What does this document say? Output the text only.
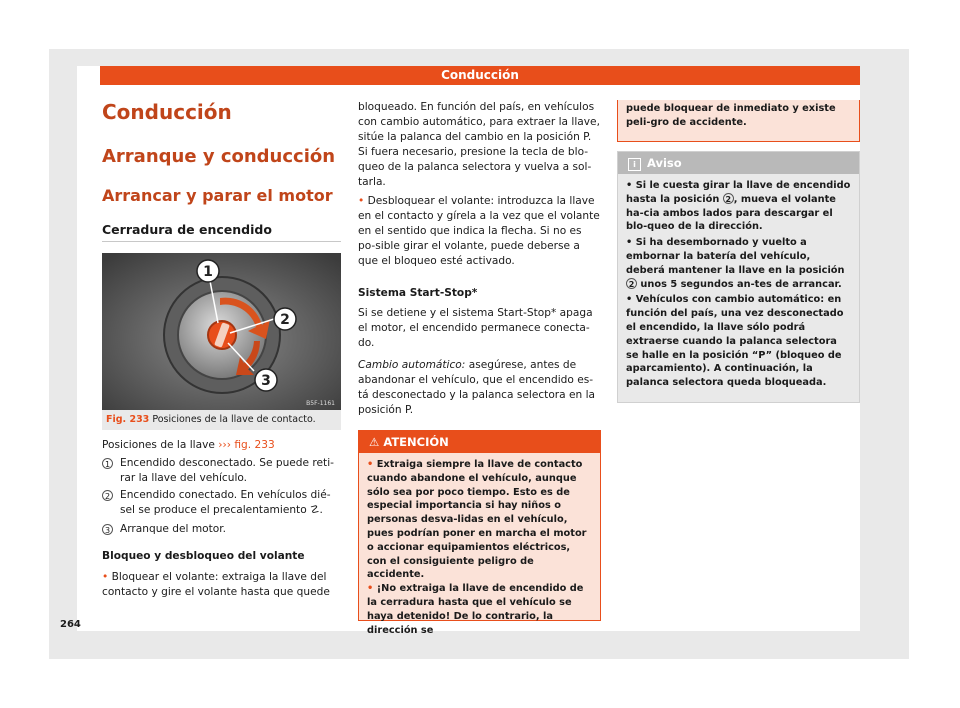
Conducción
Conducción
Arranque y conducción
Arrancar y parar el motor
Cerradura de encendido
1
2
3
B5F-1161
Fig. 233 Posiciones de la llave de contacto.
Posiciones de la llave ››› fig. 233
1 Encendido desconectado. Se puede reti-rar la llave del vehículo.
2 Encendido conectado. En vehículos dié-sel se produce el precalentamiento ☡.
3 Arranque del motor.
Bloqueo y desbloqueo del volante
• Bloquear el volante: extraiga la llave del contacto y gire el volante hasta que quede
bloqueado. En función del país, en vehículos con cambio automático, para extraer la llave, sitúe la palanca del cambio en la posición P. Si fuera necesario, presione la tecla de blo-queo de la palanca selectora y vuelva a sol-tarla.
• Desbloquear el volante: introduzca la llave en el contacto y gírela a la vez que el volante en el sentido que indica la flecha. Si no es po-sible girar el volante, puede deberse a que el bloqueo esté activado.
Sistema Start-Stop*
Si se detiene y el sistema Start-Stop* apaga el motor, el encendido permanece conecta-do.
Cambio automático: asegúrese, antes de abandonar el vehículo, que el encendido es-tá desconectado y la palanca selectora en la posición P.
⚠ ATENCIÓN
• Extraiga siempre la llave de contacto cuando abandone el vehículo, aunque sólo sea por poco tiempo. Esto es de especial importancia si hay niños o personas desva-lidas en el vehículo, pues podrían poner en marcha el motor o accionar equipamientos eléctricos, con el consiguiente peligro de accidente.
• ¡No extraiga la llave de encendido de la cerradura hasta que el vehículo se haya detenido! De lo contrario, la dirección se
puede bloquear de inmediato y existe peli-gro de accidente.
i Aviso
• Si le cuesta girar la llave de encendido hasta la posición 2 , mueva el volante ha-cia ambos lados para descargar el blo-queo de la dirección.
• Si ha desembornado y vuelto a embornar la batería del vehículo, deberá mantener la llave en la posición 2 unos 5 segundos an-tes de arrancar.
• Vehículos con cambio automático: en función del país, una vez desconectado el encendido, la llave sólo podrá extraerse cuando la palanca selectora se halle en la posición “P” (bloqueo de aparcamiento). A continuación, la palanca selectora queda bloqueada.
264
